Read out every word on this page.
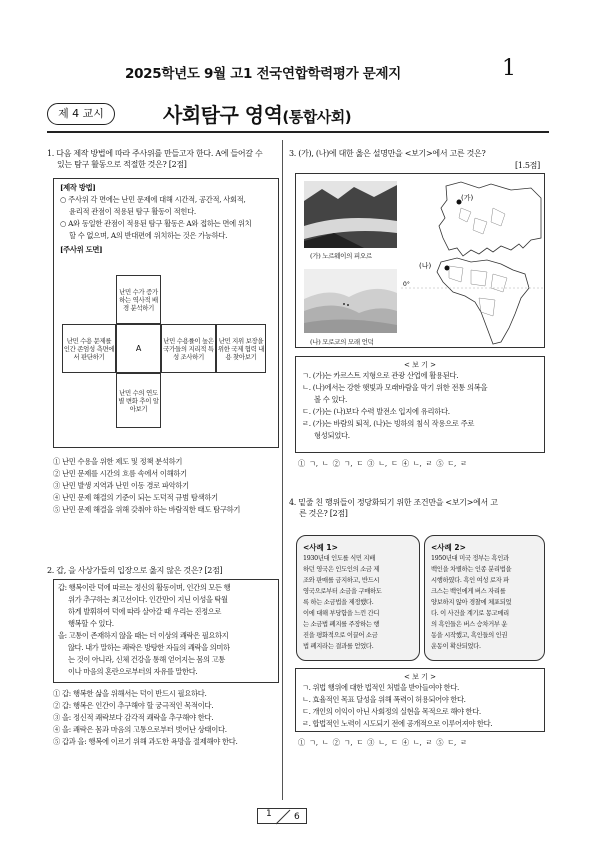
2025학년도 9월 고1 전국연합학력평가 문제지	1
제 4 교시	사회탐구 영역(통합사회)
1. 다음 제작 방법에 따라 주사위를 만들고자 한다. A에 들어갈 수
있는 탐구 활동으로 적절한 것은? [2점]
[제작 방법]
○ 주사위 각 면에는 난민 문제에 대해 시간적, 공간적, 사회적,
윤리적 관점이 적용된 탐구 활동이 적힌다.
○ A와 동일한 관점이 적용된 탐구 활동은 A와 접하는 면에 위치
할 수 없으며, A의 반대편에 위치하는 것은 가능하다.
[주사위 도면]
난민 수가 증가하는 역사적 배경 분석하기
난민 수용 문제를 인간 존엄성 측면에서 판단하기
A
난민 수용률이 높은 국가들의 지리적 특성 조사하기
난민 지위 보장을 위한 국제 협력 내용 찾아보기
난민 수의 연도별 변화 추이 알아보기
① 난민 수용을 위한 제도 및 정책 분석하기
② 난민 문제를 시간의 흐름 속에서 이해하기
③ 난민 발생 지역과 난민 이동 경로 파악하기
④ 난민 문제 해결의 기준이 되는 도덕적 규범 탐색하기
⑤ 난민 문제 해결을 위해 갖춰야 하는 바람직한 태도 탐구하기
2. 갑, 을 사상가들의 입장으로 옳지 않은 것은? [2점]
갑: 행복이란 덕에 따르는 정신의 활동이며, 인간의 모든 행
위가 추구하는 최고선이다. 인간만이 지닌 이성을 탁월
하게 발휘하여 덕에 따라 살아갈 때 우리는 진정으로
행복할 수 있다.
을: 고통이 존재하지 않을 때는 더 이상의 쾌락은 필요하지
않다. 내가 말하는 쾌락은 방탕한 자들의 쾌락을 의미하
는 것이 아니라, 신체 건강을 통해 얻어지는 몸의 고통
이나 마음의 혼란으로부터의 자유를 말한다.
① 갑: 행복한 삶을 위해서는 덕이 반드시 필요하다.
② 갑: 행복은 인간이 추구해야 할 궁극적인 목적이다.
③ 을: 정신적 쾌락보다 감각적 쾌락을 추구해야 한다.
④ 을: 쾌락은 몸과 마음의 고통으로부터 벗어난 상태이다.
⑤ 갑과 을: 행복에 이르기 위해 과도한 욕망을 절제해야 한다.
3. (가), (나)에 대한 옳은 설명만을 <보기>에서 고른 것은?
[1.5점]
(가) 노르웨이의 피오르
(나) 모로코의 모래 언덕
(가)
(나)
0°
< 보 기 >
ㄱ. (가)는 카르스트 지형으로 관광 산업에 활용된다.
ㄴ. (나)에서는 강한 햇빛과 모래바람을 막기 위한 전통 의복을
볼 수 있다.
ㄷ. (가)는 (나)보다 수력 발전소 입지에 유리하다.
ㄹ. (가)는 바람의 퇴적, (나)는 빙하의 침식 작용으로 주로
형성되었다.
① ㄱ, ㄴ ② ㄱ, ㄷ ③ ㄴ, ㄷ ④ ㄴ, ㄹ ⑤ ㄷ, ㄹ
4. 밑줄 친 행위들이 정당화되기 위한 조건만을 <보기>에서 고
른 것은? [2점]
<사례 1>
1930년대 인도를 식민 지배
하던 영국은 인도인의 소금 제
조와 판매를 금지하고, 반드시
영국으로부터 소금을 구매하도
록 하는 소금법을 제정했다.
이에 대해 부당함을 느낀 간디
는 소금법 폐지를 주장하는 행
진을 평화적으로 이끌어 소금
법 폐지라는 결과를 얻었다.
<사례 2>
1950년대 미국 정부는 흑인과
백인을 차별하는 인종 분리법을
시행하였다. 흑인 여성 로자 파
크스는 백인에게 버스 자리를
양보하지 않아 경찰에 체포되었
다. 이 사건을 계기로 몽고메리
의 흑인들은 버스 승차거부 운
동을 시작했고, 흑인들의 인권
운동이 확산되었다.
< 보 기 >
ㄱ. 위법 행위에 대한 법적인 처벌을 받아들여야 한다.
ㄴ. 효율적인 목표 달성을 위해 폭력이 허용되어야 한다.
ㄷ. 개인의 이익이 아닌 사회정의 실현을 목적으로 해야 한다.
ㄹ. 합법적인 노력이 시도되기 전에 공개적으로 이루어져야 한다.
① ㄱ, ㄴ ② ㄱ, ㄷ ③ ㄴ, ㄷ ④ ㄴ, ㄹ ⑤ ㄷ, ㄹ
1 6
